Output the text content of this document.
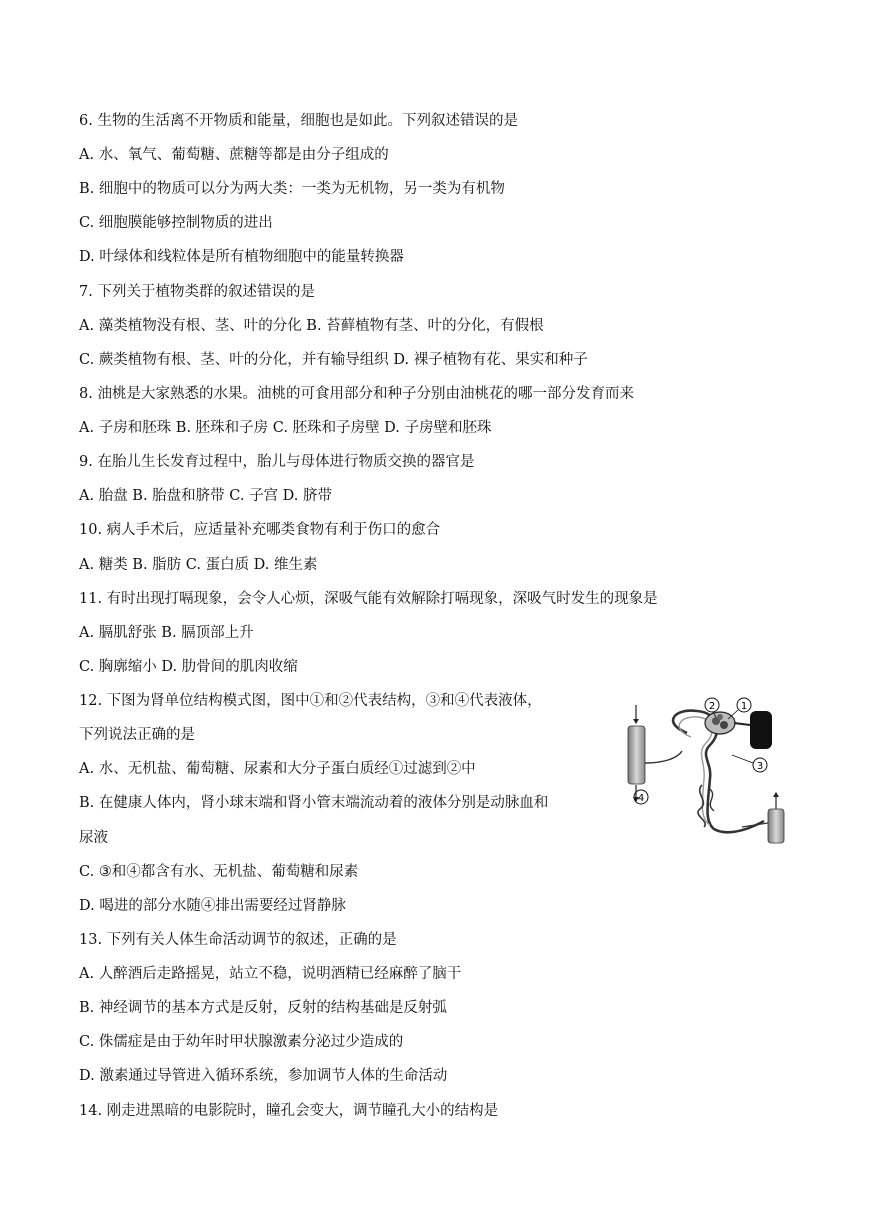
6. 生物的生活离不开物质和能量，细胞也是如此。下列叙述错误的是
A. 水、氧气、葡萄糖、蔗糖等都是由分子组成的
B. 细胞中的物质可以分为两大类：一类为无机物，另一类为有机物
C. 细胞膜能够控制物质的进出
D. 叶绿体和线粒体是所有植物细胞中的能量转换器
7. 下列关于植物类群的叙述错误的是
A. 藻类植物没有根、茎、叶的分化 B. 苔藓植物有茎、叶的分化，有假根
C. 蕨类植物有根、茎、叶的分化，并有输导组织 D. 裸子植物有花、果实和种子
8. 油桃是大家熟悉的水果。油桃的可食用部分和种子分别由油桃花的哪一部分发育而来
A. 子房和胚珠 B. 胚珠和子房 C. 胚珠和子房壁 D. 子房壁和胚珠
9. 在胎儿生长发育过程中，胎儿与母体进行物质交换的器官是
A. 胎盘 B. 胎盘和脐带 C. 子宫 D. 脐带
10. 病人手术后，应适量补充哪类食物有利于伤口的愈合
A. 糖类 B. 脂肪 C. 蛋白质 D. 维生素
11. 有时出现打嗝现象，会令人心烦，深吸气能有效解除打嗝现象，深吸气时发生的现象是
A. 膈肌舒张 B. 膈顶部上升
C. 胸廓缩小 D. 肋骨间的肌肉收缩
12. 下图为肾单位结构模式图，图中①和②代表结构，③和④代表液体，
下列说法正确的是
A. 水、无机盐、葡萄糖、尿素和大分子蛋白质经①过滤到②中
B. 在健康人体内，肾小球末端和肾小管末端流动着的液体分别是动脉血和
尿液
C. ③和④都含有水、无机盐、葡萄糖和尿素
D. 喝进的部分水随④排出需要经过肾静脉
13. 下列有关人体生命活动调节的叙述，正确的是
A. 人醉酒后走路摇晃，站立不稳，说明酒精已经麻醉了脑干
B. 神经调节的基本方式是反射，反射的结构基础是反射弧
C. 侏儒症是由于幼年时甲状腺激素分泌过少造成的
D. 激素通过导管进入循环系统，参加调节人体的生命活动
14. 刚走进黑暗的电影院时，瞳孔会变大，调节瞳孔大小的结构是
1
2
3
4
